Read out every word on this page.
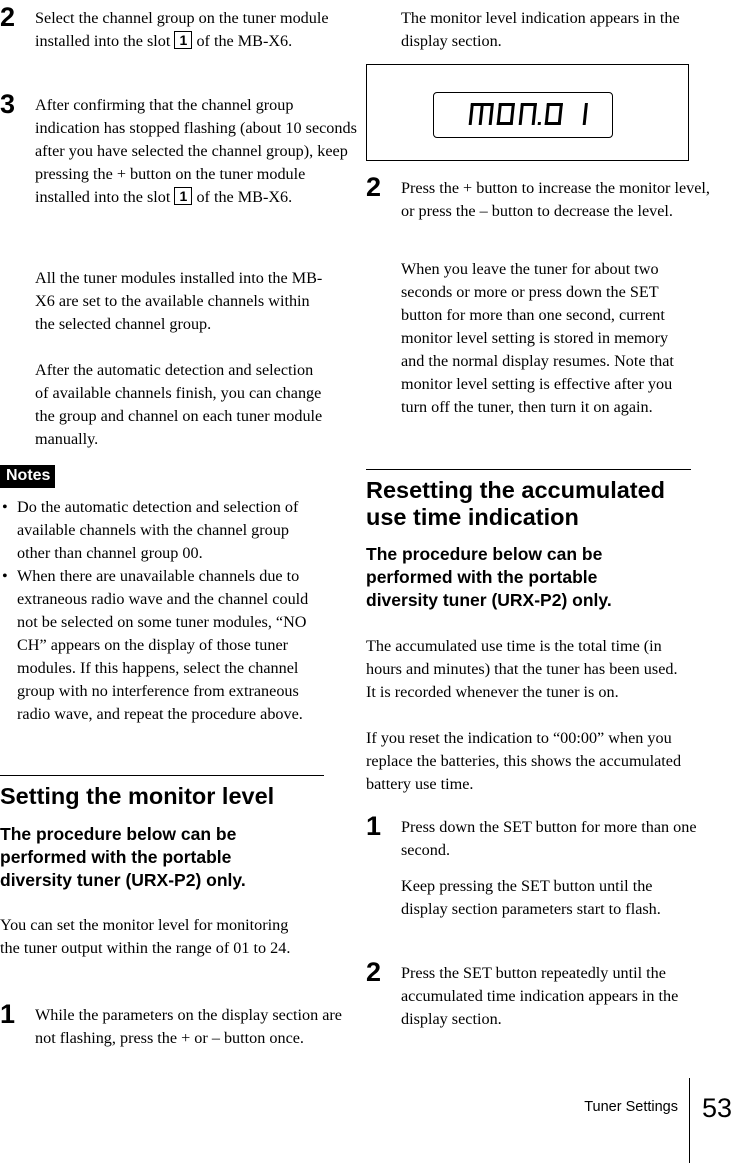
2 Select the channel group on the tuner module installed into the slot 1 of the MB-X6.

3 After confirming that the channel group indication has stopped flashing (about 10 seconds after you have selected the channel group), keep pressing the + button on the tuner module installed into the slot 1 of the MB-X6.

All the tuner modules installed into the MB-X6 are set to the available channels within the selected channel group.

After the automatic detection and selection of available channels finish, you can change the group and channel on each tuner module manually.

Notes
• Do the automatic detection and selection of available channels with the channel group other than channel group 00.
• When there are unavailable channels due to extraneous radio wave and the channel could not be selected on some tuner modules, “NO CH” appears on the display of those tuner modules. If this happens, select the channel group with no interference from extraneous radio wave, and repeat the procedure above.
Setting the monitor level
The procedure below can be performed with the portable diversity tuner (URX-P2) only.

You can set the monitor level for monitoring the tuner output within the range of 01 to 24.

1 While the parameters on the display section are not flashing, press the + or – button once.

The monitor level indication appears in the display section.

2 Press the + button to increase the monitor level, or press the – button to decrease the level.

When you leave the tuner for about two seconds or more or press down the SET button for more than one second, current monitor level setting is stored in memory and the normal display resumes. Note that monitor level setting is effective after you turn off the tuner, then turn it on again.

Resetting the accumulated use time indication
The procedure below can be performed with the portable diversity tuner (URX-P2) only.

The accumulated use time is the total time (in hours and minutes) that the tuner has been used. It is recorded whenever the tuner is on.

If you reset the indication to “00:00” when you replace the batteries, this shows the accumulated battery use time.

1 Press down the SET button for more than one second.

Keep pressing the SET button until the display section parameters start to flash.

2 Press the SET button repeatedly until the accumulated time indication appears in the display section.

Tuner Settings 53
